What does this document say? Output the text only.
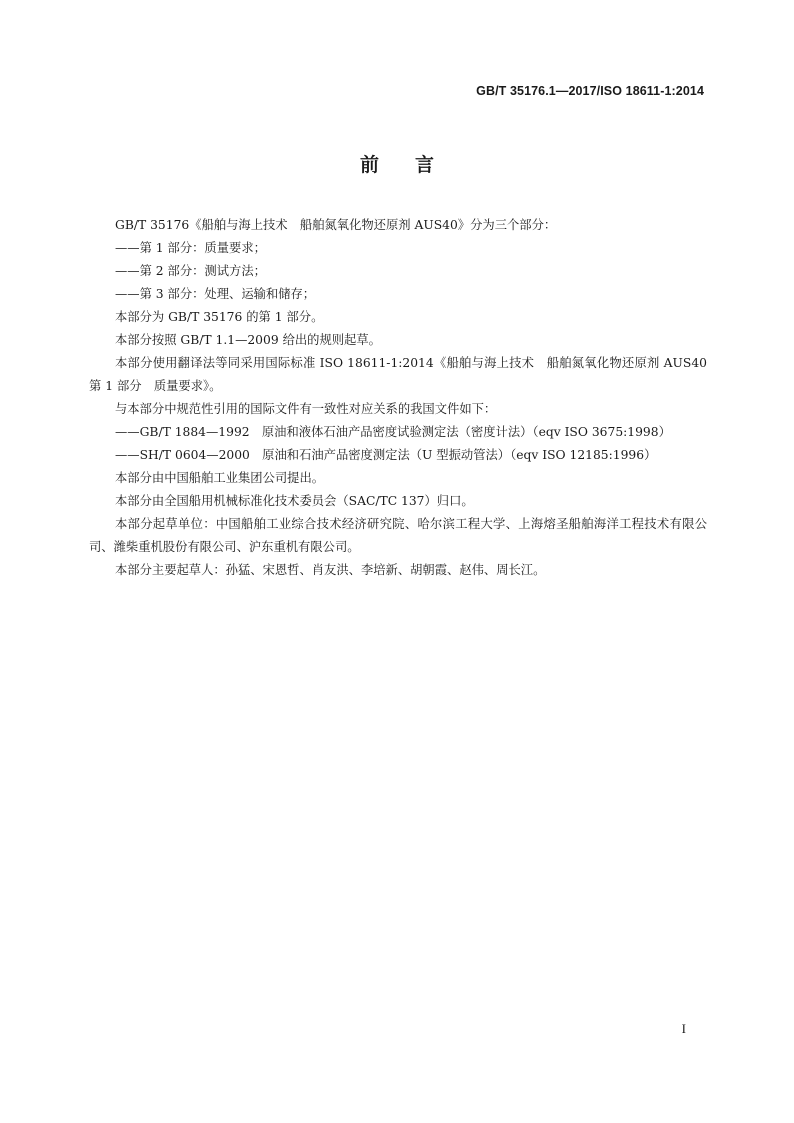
GB/T 35176.1—2017/ISO 18611-1:2014
前言

GB/T 35176《船舶与海上技术　船舶氮氧化物还原剂 AUS40》分为三个部分：

——第 1 部分：质量要求；

——第 2 部分：测试方法；

——第 3 部分：处理、运输和储存；

本部分为 GB/T 35176 的第 1 部分。

本部分按照 GB/T 1.1—2009 给出的规则起草。

本部分使用翻译法等同采用国际标准 ISO 18611-1:2014《船舶与海上技术　船舶氮氧化物还原剂 AUS40　第 1 部分　质量要求》。

与本部分中规范性引用的国际文件有一致性对应关系的我国文件如下：

——GB/T 1884—1992　原油和液体石油产品密度试验测定法（密度计法）（eqv ISO 3675:1998）

——SH/T 0604—2000　原油和石油产品密度测定法（U 型振动管法）（eqv ISO 12185:1996）

本部分由中国船舶工业集团公司提出。

本部分由全国船用机械标准化技术委员会（SAC/TC 137）归口。

本部分起草单位：中国船舶工业综合技术经济研究院、哈尔滨工程大学、上海熔圣船舶海洋工程技术有限公司、潍柴重机股份有限公司、沪东重机有限公司。

本部分主要起草人：孙猛、宋恩哲、肖友洪、李培新、胡朝霞、赵伟、周长江。

I
